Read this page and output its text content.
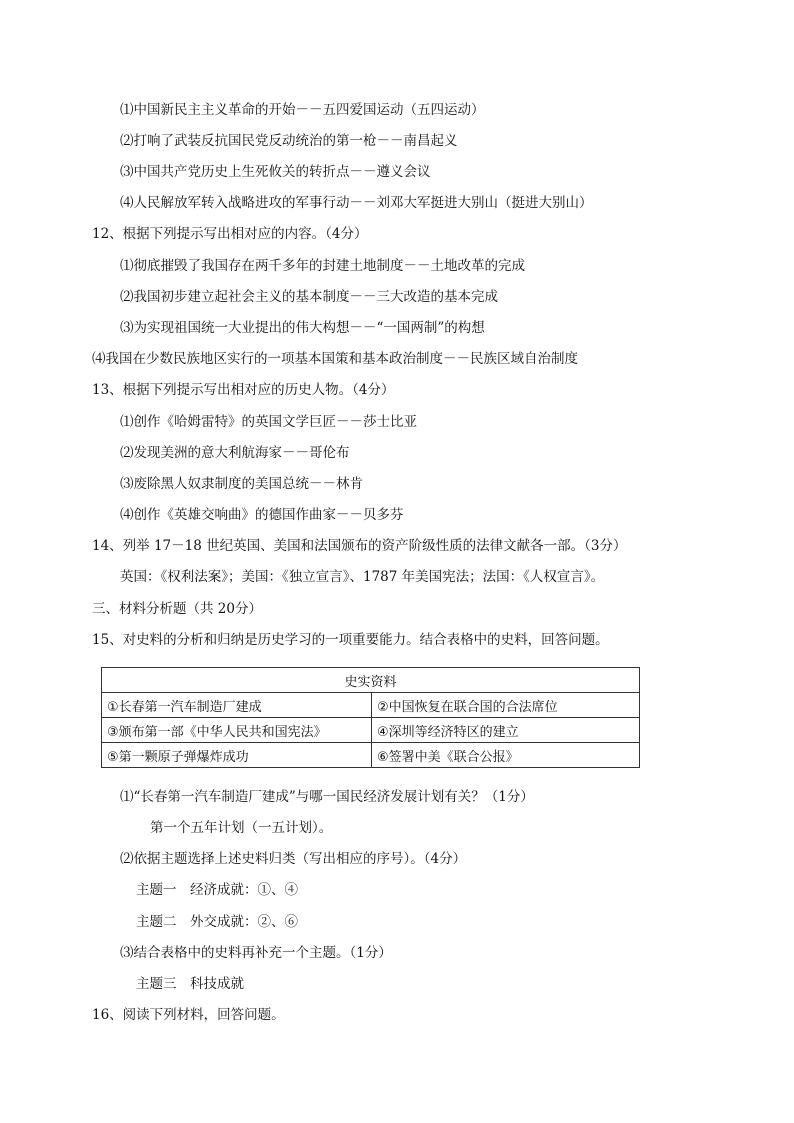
⑴中国新民主主义革命的开始－－五四爱国运动（五四运动）
⑵打响了武装反抗国民党反动统治的第一枪－－南昌起义
⑶中国共产党历史上生死攸关的转折点－－遵义会议
⑷人民解放军转入战略进攻的军事行动－－刘邓大军挺进大别山（挺进大别山）
12、根据下列提示写出相对应的内容。（4分）
⑴彻底摧毁了我国存在两千多年的封建土地制度－－土地改革的完成
⑵我国初步建立起社会主义的基本制度－－三大改造的基本完成
⑶为实现祖国统一大业提出的伟大构想－－“一国两制”的构想
⑷我国在少数民族地区实行的一项基本国策和基本政治制度－－民族区域自治制度
13、根据下列提示写出相对应的历史人物。（4分）
⑴创作《哈姆雷特》的英国文学巨匠－－莎士比亚
⑵发现美洲的意大利航海家－－哥伦布
⑶废除黑人奴隶制度的美国总统－－林肯
⑷创作《英雄交响曲》的德国作曲家－－贝多芬
14、列举 17－18 世纪英国、美国和法国颁布的资产阶级性质的法律文献各一部。（3分）
英国：《权利法案》；美国：《独立宣言》、1787 年美国宪法；法国：《人权宣言》。
三、材料分析题（共 20分）
15、对史料的分析和归纳是历史学习的一项重要能力。结合表格中的史料，回答问题。
史实资料	
①长春第一汽车制造厂建成	②中国恢复在联合国的合法席位
③颁布第一部《中华人民共和国宪法》	④深圳等经济特区的建立
⑤第一颗原子弹爆炸成功	⑥签署中美《联合公报》
⑴“长春第一汽车制造厂建成”与哪一国民经济发展计划有关？（1分）
第一个五年计划（一五计划）。
⑵依据主题选择上述史料归类（写出相应的序号）。（4分）
主题一　经济成就：①、④
主题二　外交成就：②、⑥
⑶结合表格中的史料再补充一个主题。（1分）
主题三　科技成就
16、阅读下列材料，回答问题。
